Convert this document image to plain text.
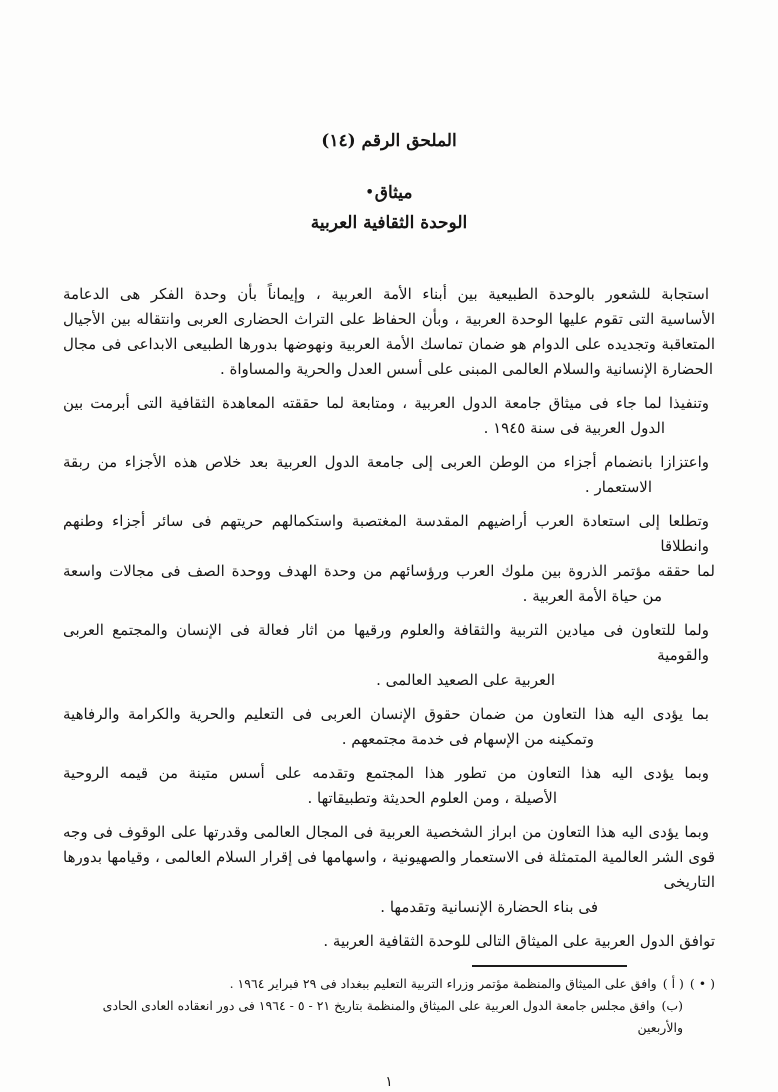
الملحق الرقم (١٤)
ميثاق•
الوحدة الثقافية العربية
استجابة للشعور بالوحدة الطبيعية بين أبناء الأمة العربية ، وإيماناً بأن وحدة الفكر هى الدعامة
الأساسية التى تقوم عليها الوحدة العربية ، وبأن الحفاظ على التراث الحضارى العربى وانتقاله بين الأجيال
المتعاقبة وتجديده على الدوام هو ضمان تماسك الأمة العربية ونهوضها بدورها الطبيعى الابداعى فى مجال
الحضارة الإنسانية والسلام العالمى المبنى على أسس العدل والحرية والمساواة .
وتنفيذا لما جاء فى ميثاق جامعة الدول العربية ، ومتابعة لما حققته المعاهدة الثقافية التى أبرمت بين
الدول العربية فى سنة ١٩٤٥ .
واعتزازا بانضمام أجزاء من الوطن العربى إلى جامعة الدول العربية بعد خلاص هذه الأجزاء من ربقة
الاستعمار .
وتطلعا إلى استعادة العرب أراضيهم المقدسة المغتصبة واستكمالهم حريتهم فى سائر أجزاء وطنهم وانطلاقا
لما حققه مؤتمر الذروة بين ملوك العرب ورؤسائهم من وحدة الهدف ووحدة الصف فى مجالات واسعة
من حياة الأمة العربية .
ولما للتعاون فى ميادين التربية والثقافة والعلوم ورقيها من اثار فعالة فى الإنسان والمجتمع العربى والقومية
العربية على الصعيد العالمى .
بما يؤدى اليه هذا التعاون من ضمان حقوق الإنسان العربى فى التعليم والحرية والكرامة والرفاهية
وتمكينه من الإسهام فى خدمة مجتمعهم .
وبما يؤدى اليه هذا التعاون من تطور هذا المجتمع وتقدمه على أسس متينة من قيمه الروحية
الأصيلة ، ومن العلوم الحديثة وتطبيقاتها .
وبما يؤدى اليه هذا التعاون من ابراز الشخصية العربية فى المجال العالمى وقدرتها على الوقوف فى وجه
قوى الشر العالمية المتمثلة فى الاستعمار والصهيونية ، واسهامها فى إقرار السلام العالمى ، وقيامها بدورها التاريخى
فى بناء الحضارة الإنسانية وتقدمها .
توافق الدول العربية على الميثاق التالى للوحدة الثقافية العربية .
( • )( أ )وافق على الميثاق والمنظمة مؤتمر وزراء التربية التعليم ببغداد فى ٢٩ فبراير ١٩٦٤ .
(ب)وافق مجلس جامعة الدول العربية على الميثاق والمنظمة بتاريخ ٢١ - ٥ - ١٩٦٤ فى دور انعقاده العادى الحادى والأربعين
١
